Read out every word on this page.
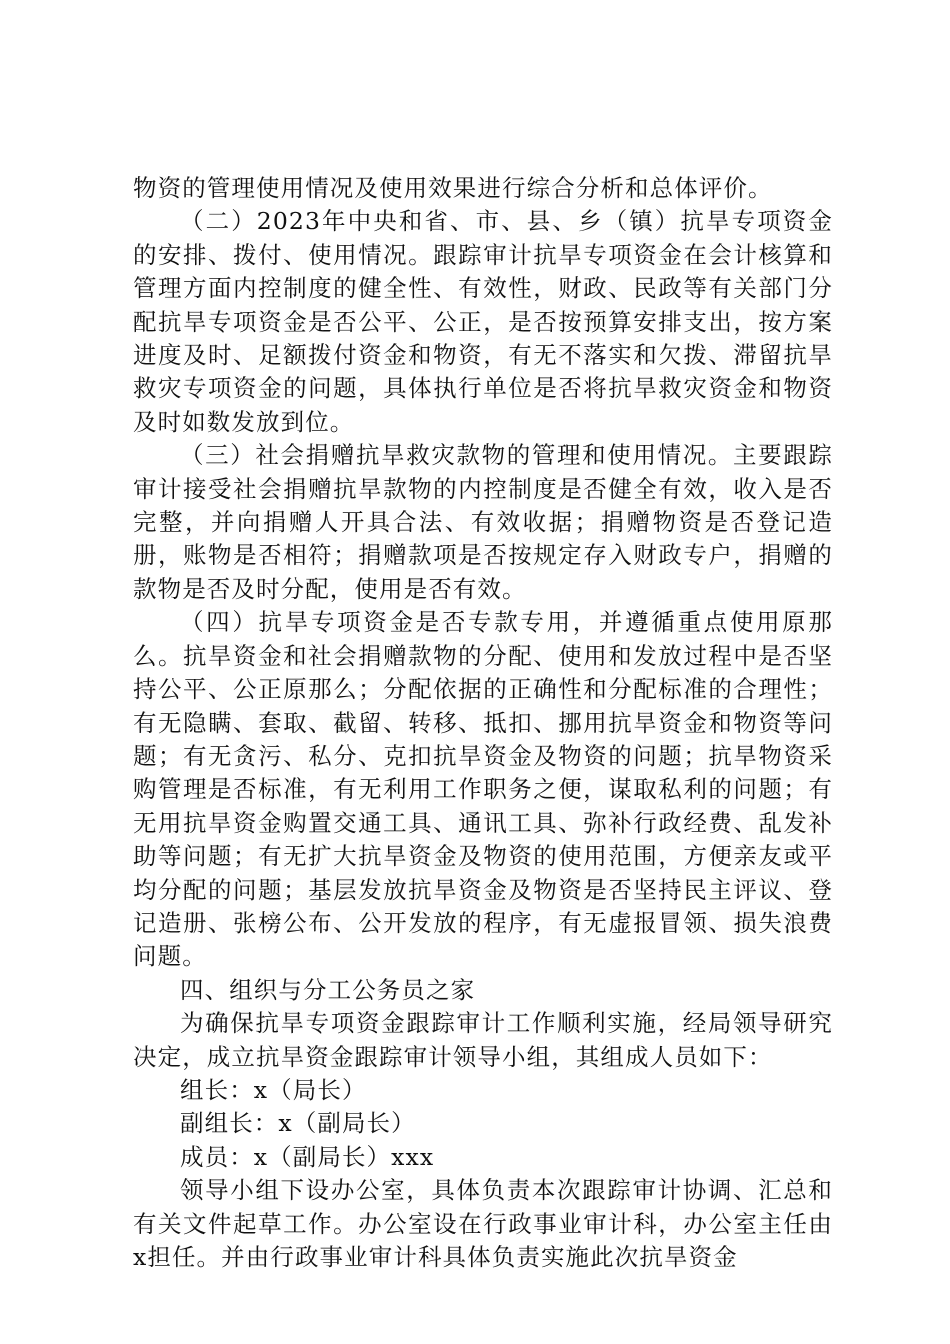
物资的管理使用情况及使用效果进行综合分析和总体评价。

（二）2023年中央和省、市、县、乡（镇）抗旱专项资金的安排、拨付、使用情况。跟踪审计抗旱专项资金在会计核算和管理方面内控制度的健全性、有效性，财政、民政等有关部门分配抗旱专项资金是否公平、公正，是否按预算安排支出，按方案进度及时、足额拨付资金和物资，有无不落实和欠拨、滞留抗旱救灾专项资金的问题，具体执行单位是否将抗旱救灾资金和物资及时如数发放到位。

（三）社会捐赠抗旱救灾款物的管理和使用情况。主要跟踪审计接受社会捐赠抗旱款物的内控制度是否健全有效，收入是否完整，并向捐赠人开具合法、有效收据；捐赠物资是否登记造册，账物是否相符；捐赠款项是否按规定存入财政专户，捐赠的款物是否及时分配，使用是否有效。

（四）抗旱专项资金是否专款专用，并遵循重点使用原那么。抗旱资金和社会捐赠款物的分配、使用和发放过程中是否坚持公平、公正原那么；分配依据的正确性和分配标准的合理性；有无隐瞒、套取、截留、转移、抵扣、挪用抗旱资金和物资等问题；有无贪污、私分、克扣抗旱资金及物资的问题；抗旱物资采购管理是否标准，有无利用工作职务之便，谋取私利的问题；有无用抗旱资金购置交通工具、通讯工具、弥补行政经费、乱发补助等问题；有无扩大抗旱资金及物资的使用范围，方便亲友或平均分配的问题；基层发放抗旱资金及物资是否坚持民主评议、登记造册、张榜公布、公开发放的程序，有无虚报冒领、损失浪费问题。

四、组织与分工公务员之家

为确保抗旱专项资金跟踪审计工作顺利实施，经局领导研究决定，成立抗旱资金跟踪审计领导小组，其组成人员如下：

组长：x（局长）

副组长：x（副局长）

成员：x（副局长）xxx

领导小组下设办公室，具体负责本次跟踪审计协调、汇总和有关文件起草工作。办公室设在行政事业审计科，办公室主任由x担任。并由行政事业审计科具体负责实施此次抗旱资金
